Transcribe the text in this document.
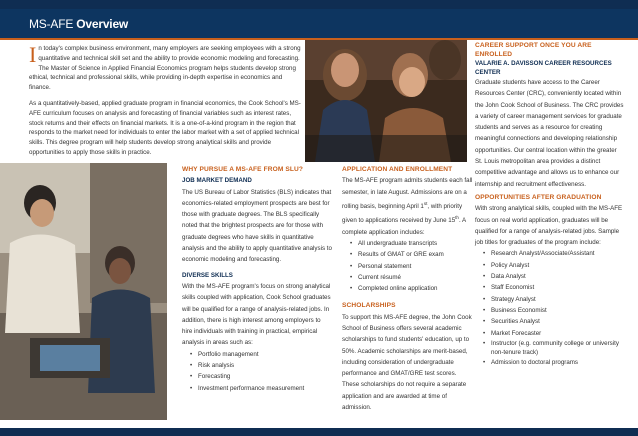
MS-AFE Overview

In today's complex business environment, many employers are seeking employees with a strong quantitative and technical skill set and the ability to provide economic modeling and forecasting. The Master of Science in Applied Financial Economics program helps students develop strong ethical, technical and professional skills, while providing in-depth expertise in economics and finance.

As a quantitatively-based, applied graduate program in financial economics, the Cook School's MS-AFE curriculum focuses on analysis and forecasting of financial variables such as interest rates, stock returns and their effects on financial markets. It is a one-of-a-kind program in the region that responds to the market need for individuals to enter the labor market with a set of applied technical skills. This degree program will help students develop strong analytical skills and provide opportunities to apply those skills in practice.

WHY PURSUE A MS-AFE FROM SLU?
JOB MARKET DEMAND

The US Bureau of Labor Statistics (BLS) indicates that economics-related employment prospects are best for those with graduate degrees. The BLS specifically noted that the brightest prospects are for those with graduate degrees who have skills in quantitative analysis and the ability to apply quantitative analysis to economic modeling and forecasting.

DIVERSE SKILLS

With the MS-AFE program's focus on strong analytical skills coupled with application, Cook School graduates will be qualified for a range of analysis-related jobs. In addition, there is high interest among employers to hire individuals with training in practical, empirical analysis in areas such as:

• Portfolio management
• Risk analysis
• Forecasting
• Investment performance measurement
APPLICATION AND ENROLLMENT

The MS-AFE program admits students each fall semester, in late August. Admissions are on a rolling basis, beginning April 1st, with priority given to applications received by June 15th. A complete application includes:

• All undergraduate transcripts
• Results of GMAT or GRE exam
• Personal statement
• Current résumé
• Completed online application
SCHOLARSHIPS

To support this MS-AFE degree, the John Cook School of Business offers several academic scholarships to fund students' education, up to 50%. Academic scholarships are merit-based, including consideration of undergraduate performance and GMAT/GRE test scores. These scholarships do not require a separate application and are awarded at time of admission.

CAREER SUPPORT ONCE YOU ARE ENROLLED
VALARIE A. DAVISSON CAREER RESOURCES CENTER

Graduate students have access to the Career Resources Center (CRC), conveniently located within the John Cook School of Business. The CRC provides a variety of career management services for graduate students and serves as a resource for creating meaningful connections and developing relationship opportunities. Our central location within the greater St. Louis metropolitan area provides a distinct competitive advantage and allows us to enhance our internship and recruitment effectiveness.

OPPORTUNITIES AFTER GRADUATION

With strong analytical skills, coupled with the MS-AFE focus on real world application, graduates will be qualified for a range of analysis-related jobs. Sample job titles for graduates of the program include:

• Research Analyst/Associate/Assistant
• Policy Analyst
• Data Analyst
• Staff Economist
• Strategy Analyst
• Business Economist
• Securities Analyst
• Market Forecaster
• Instructor (e.g. community college or university non-tenure track)
• Admission to doctoral programs
